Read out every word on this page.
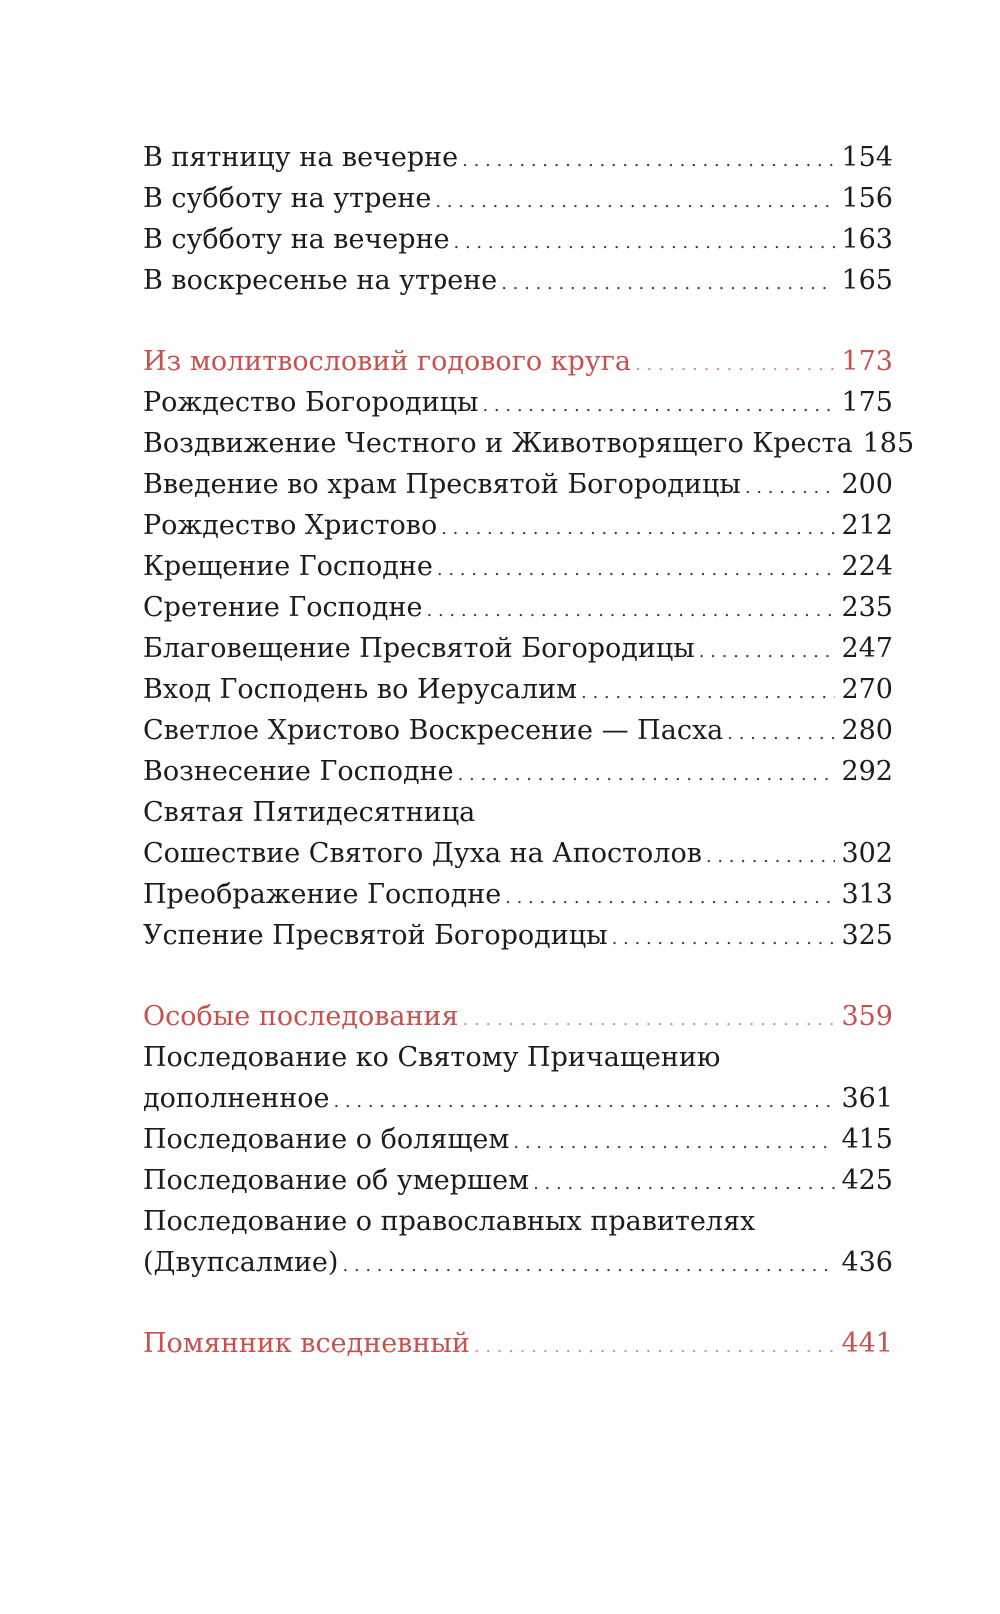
В пятницу на вечерне . . .	154
В субботу на утрене . . .	156
В субботу на вечерне . . .	163
В воскресенье на утрене . . .	165
Из молитвословий годового круга . . .	173
Рождество Богородицы . . .	175
Воздвижение Честного и Животворящего Креста 185
Введение во храм Пресвятой Богородицы . . .	200
Рождество Христово . . .	212
Крещение Господне . . .	224
Сретение Господне . . .	235
Благовещение Пресвятой Богородицы . . .	247
Вход Господень во Иерусалим . . .	270
Светлое Христово Воскресение — Пасха . . .	280
Вознесение Господне . . .	292
Святая Пятидесятница
Сошествие Святого Духа на Апостолов . . .	302
Преображение Господне . . .	313
Успение Пресвятой Богородицы . . .	325
Особые последования . . .	359
Последование ко Святому Причащению
дополненное . . .	361
Последование о болящем . . .	415
Последование об умершем . . .	425
Последование о православных правителях
(Двупсалмие) . . .	436
Помянник вседневный . . .	441
